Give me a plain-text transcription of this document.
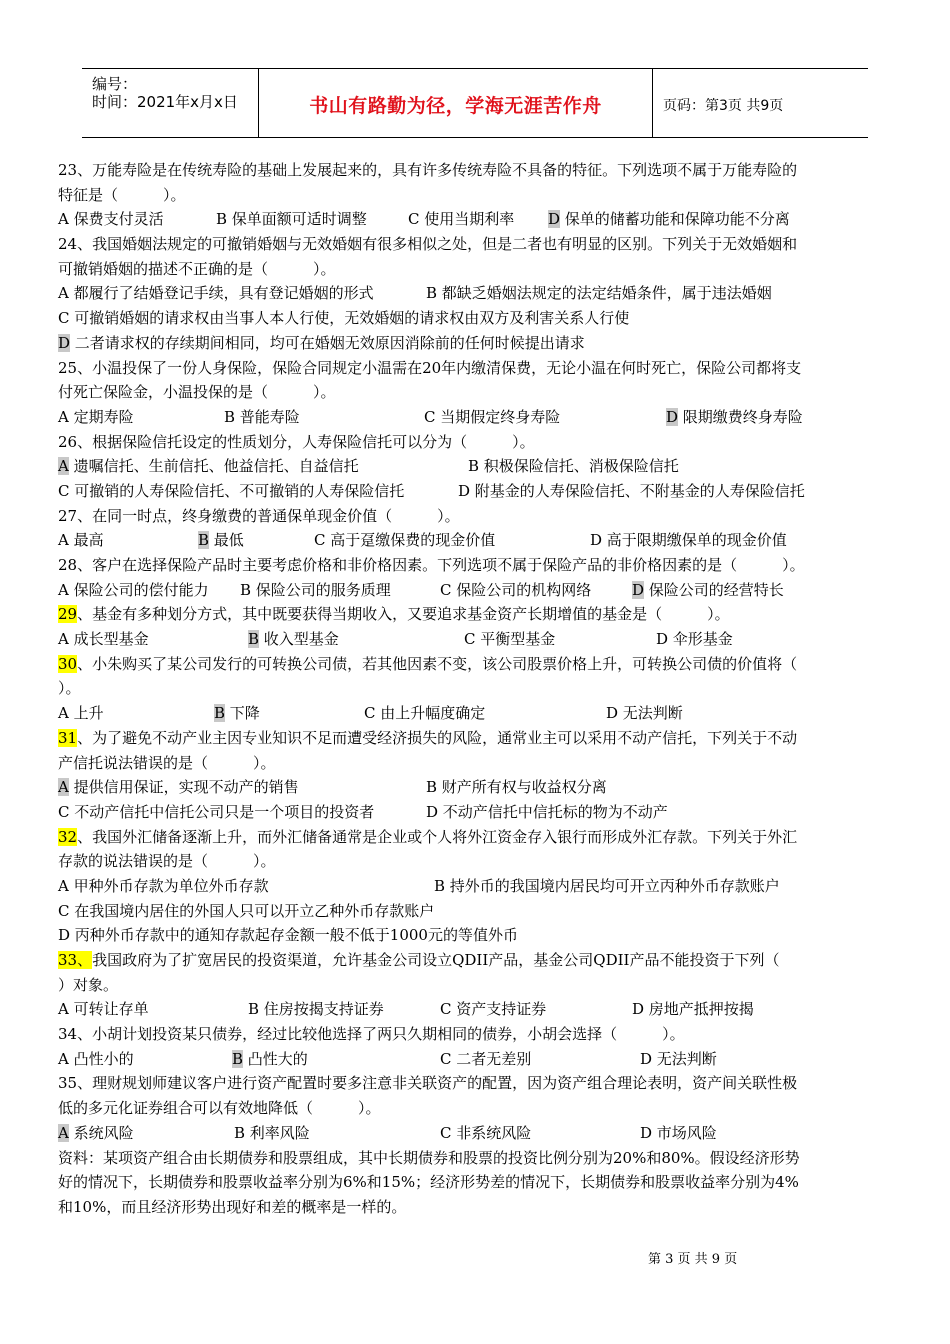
编号：
时间：2021年x月x日	书山有路勤为径，学海无涯苦作舟	页码：第3页 共9页
23、万能寿险是在传统寿险的基础上发展起来的，具有许多传统寿险不具备的特征。下列选项不属于万能寿险的
特征是（　　　）。
A 保费支付灵活	B 保单面额可适时调整	C 使用当期利率 D 保单的储蓄功能和保障功能不分离
24、我国婚姻法规定的可撤销婚姻与无效婚姻有很多相似之处，但是二者也有明显的区别。下列关于无效婚姻和
可撤销婚姻的描述不正确的是（　　　）。
A 都履行了结婚登记手续，具有登记婚姻的形式	B 都缺乏婚姻法规定的法定结婚条件，属于违法婚姻
C 可撤销婚姻的请求权由当事人本人行使，无效婚姻的请求权由双方及利害关系人行使
D 二者请求权的存续期间相同，均可在婚姻无效原因消除前的任何时候提出请求
25、小温投保了一份人身保险，保险合同规定小温需在20年内缴清保费，无论小温在何时死亡，保险公司都将支
付死亡保险金，小温投保的是（　　　）。
A 定期寿险	B 普能寿险	C 当期假定终身寿险	D 限期缴费终身寿险
26、根据保险信托设定的性质划分，人寿保险信托可以分为（　　　）。
A 遗嘱信托、生前信托、他益信托、自益信托	B 积极保险信托、消极保险信托
C 可撤销的人寿保险信托、不可撤销的人寿保险信托	D 附基金的人寿保险信托、不附基金的人寿保险信托
27、在同一时点，终身缴费的普通保单现金价值（　　　）。
A 最高	B 最低	C 高于趸缴保费的现金价值	D 高于限期缴保单的现金价值
28、客户在选择保险产品时主要考虑价格和非价格因素。下列选项不属于保险产品的非价格因素的是（　　　）。
A 保险公司的偿付能力 B 保险公司的服务质理	C 保险公司的机构网络	D 保险公司的经营特长
29、基金有多种划分方式，其中既要获得当期收入，又要追求基金资产长期增值的基金是（　　　）。
A 成长型基金	B 收入型基金	C 平衡型基金	D 伞形基金
30、小朱购买了某公司发行的可转换公司债，若其他因素不变，该公司股票价格上升，可转换公司债的价值将（
）。
A 上升	B 下降	C 由上升幅度确定	D 无法判断
31、为了避免不动产业主因专业知识不足而遭受经济损失的风险，通常业主可以采用不动产信托，下列关于不动
产信托说法错误的是（　　　）。
A 提供信用保证，实现不动产的销售	B 财产所有权与收益权分离
C 不动产信托中信托公司只是一个项目的投资者	D 不动产信托中信托标的物为不动产
32、我国外汇储备逐渐上升，而外汇储备通常是企业或个人将外江资金存入银行而形成外汇存款。下列关于外汇
存款的说法错误的是（　　　）。
A 甲种外币存款为单位外币存款	B 持外币的我国境内居民均可开立丙种外币存款账户
C 在我国境内居住的外国人只可以开立乙种外币存款账户
D 丙种外币存款中的通知存款起存金额一般不低于1000元的等值外币
33、我国政府为了扩宽居民的投资渠道，允许基金公司设立QDII产品，基金公司QDII产品不能投资于下列（
）对象。
A 可转让存单	B 住房按揭支持证券	C 资产支持证券	D 房地产抵押按揭
34、小胡计划投资某只债券，经过比较他选择了两只久期相同的债券，小胡会选择（　　　）。
A 凸性小的	B 凸性大的	C 二者无差别	D 无法判断
35、理财规划师建议客户进行资产配置时要多注意非关联资产的配置，因为资产组合理论表明，资产间关联性极
低的多元化证券组合可以有效地降低（　　　）。
A 系统风险	B 利率风险	C 非系统风险	D 市场风险
资料：某项资产组合由长期债券和股票组成，其中长期债券和股票的投资比例分别为20%和80%。假设经济形势
好的情况下，长期债券和股票收益率分别为6%和15%；经济形势差的情况下，长期债券和股票收益率分别为4%
和10%，而且经济形势出现好和差的概率是一样的。
第 3 页 共 9 页
